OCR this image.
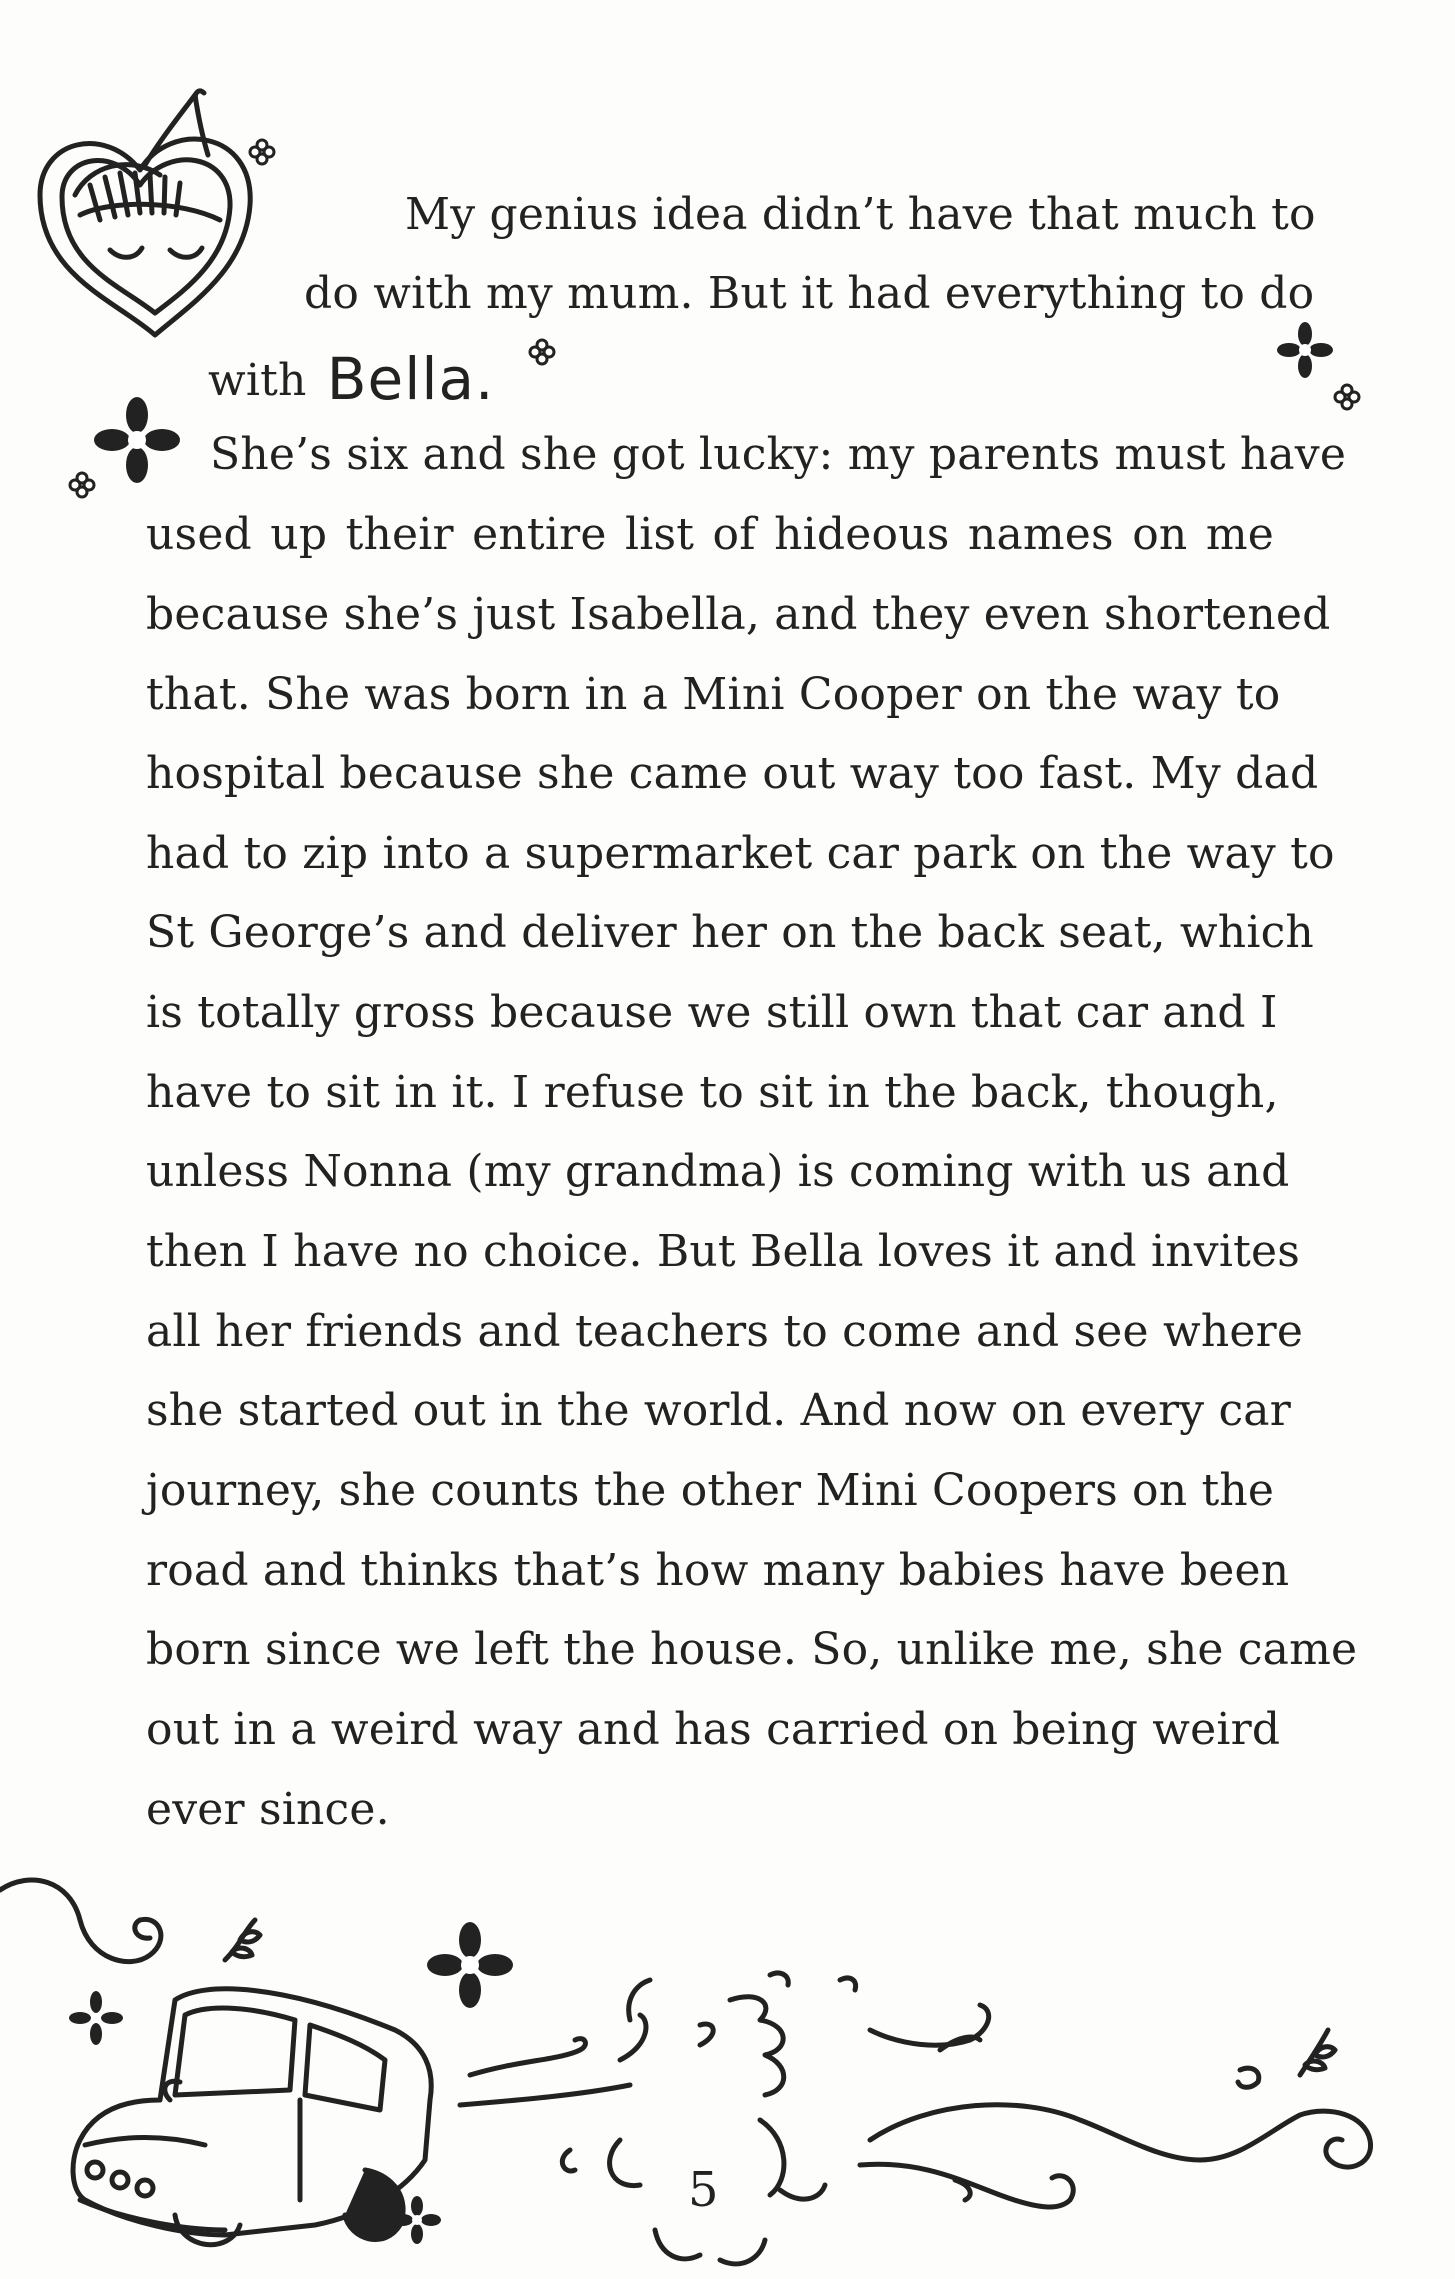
My genius idea didn’t have that much to
do with my mum. But it had everything to do
with Bella.
She’s six and she got lucky: my parents must have
used up their entire list of hideous names on me
because she’s just Isabella, and they even shortened
that. She was born in a Mini Cooper on the way to
hospital because she came out way too fast. My dad
had to zip into a supermarket car park on the way to
St George’s and deliver her on the back seat, which
is totally gross because we still own that car and I
have to sit in it. I refuse to sit in the back, though,
unless Nonna (my grandma) is coming with us and
then I have no choice. But Bella loves it and invites
all her friends and teachers to come and see where
she started out in the world. And now on every car
journey, she counts the other Mini Coopers on the
road and thinks that’s how many babies have been
born since we left the house. So, unlike me, she came
out in a weird way and has carried on being weird
ever since.
5
